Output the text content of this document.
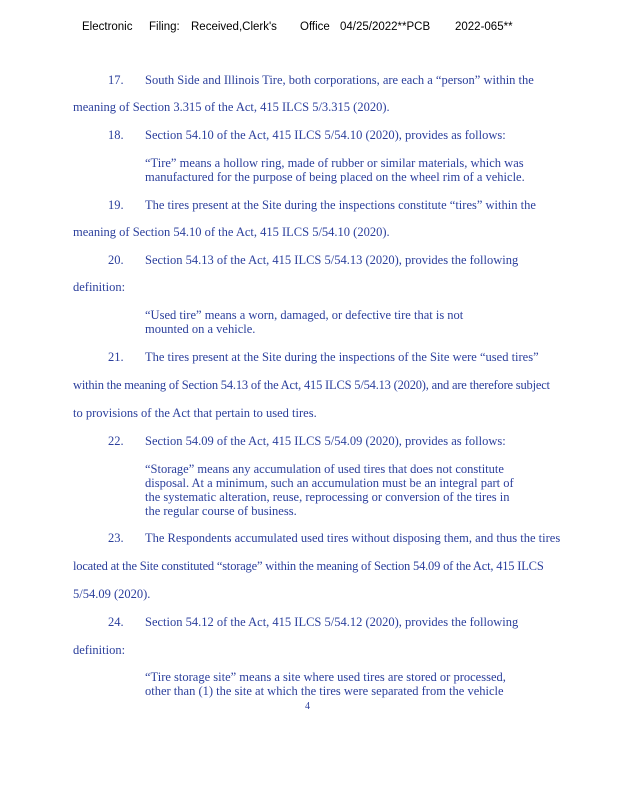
Electronic Filing: Received,Clerk's Office 04/25/2022**PCB 2022-065**
17. South Side and Illinois Tire, both corporations, are each a “person” within the
meaning of Section 3.315 of the Act, 415 ILCS 5/3.315 (2020).
18. Section 54.10 of the Act, 415 ILCS 5/54.10 (2020), provides as follows:
“Tire” means a hollow ring, made of rubber or similar materials, which was
manufactured for the purpose of being placed on the wheel rim of a vehicle.
19. The tires present at the Site during the inspections constitute “tires” within the
meaning of Section 54.10 of the Act, 415 ILCS 5/54.10 (2020).
20. Section 54.13 of the Act, 415 ILCS 5/54.13 (2020), provides the following
definition:
“Used tire” means a worn, damaged, or defective tire that is not
mounted on a vehicle.
21. The tires present at the Site during the inspections of the Site were “used tires”
within the meaning of Section 54.13 of the Act, 415 ILCS 5/54.13 (2020), and are therefore subject
to provisions of the Act that pertain to used tires.
22. Section 54.09 of the Act, 415 ILCS 5/54.09 (2020), provides as follows:
“Storage” means any accumulation of used tires that does not constitute
disposal. At a minimum, such an accumulation must be an integral part of
the systematic alteration, reuse, reprocessing or conversion of the tires in
the regular course of business.
23. The Respondents accumulated used tires without disposing them, and thus the tires
located at the Site constituted “storage” within the meaning of Section 54.09 of the Act, 415 ILCS
5/54.09 (2020).
24. Section 54.12 of the Act, 415 ILCS 5/54.12 (2020), provides the following
definition:
“Tire storage site” means a site where used tires are stored or processed,
other than (1) the site at which the tires were separated from the vehicle
4
